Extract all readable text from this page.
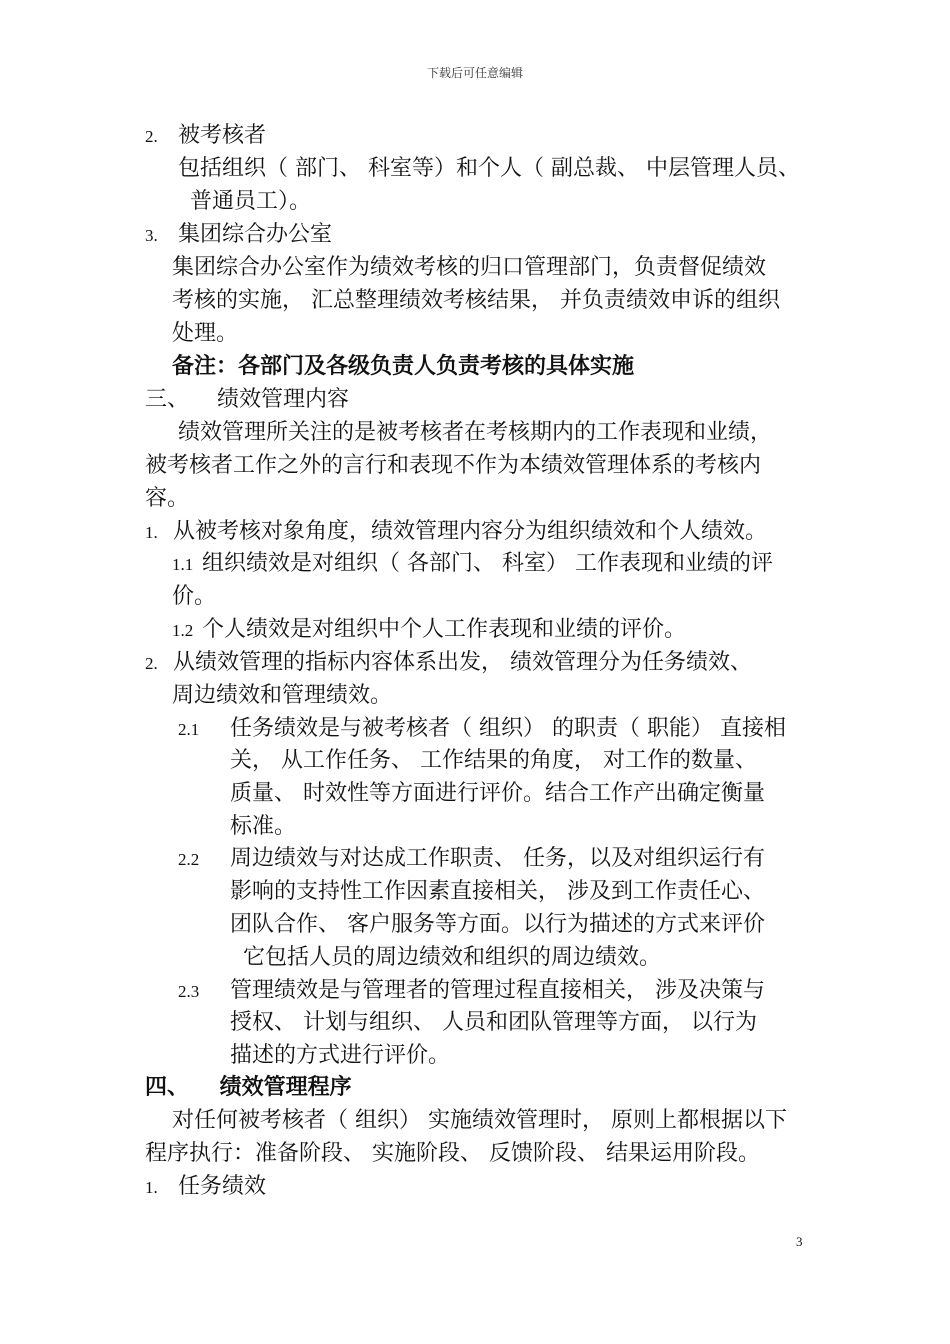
下载后可任意编辑
2. 被考核者
包括组织（ 部门、 科室等）和个人（ 副总裁、 中层管理人员、
普通员工）。
3. 集团综合办公室
集团综合办公室作为绩效考核的归口管理部门，负责督促绩效
考核的实施， 汇总整理绩效考核结果， 并负责绩效申诉的组织
处理。
备注：各部门及各级负责人负责考核的具体实施
三、    绩效管理内容
绩效管理所关注的是被考核者在考核期内的工作表现和业绩，
被考核者工作之外的言行和表现不作为本绩效管理体系的考核内
容。
1. 从被考核对象角度，绩效管理内容分为组织绩效和个人绩效。
1.1 组织绩效是对组织（ 各部门、 科室） 工作表现和业绩的评
价。
1.2 个人绩效是对组织中个人工作表现和业绩的评价。
2. 从绩效管理的指标内容体系出发， 绩效管理分为任务绩效、
周边绩效和管理绩效。
2.1 任务绩效是与被考核者（ 组织） 的职责（ 职能） 直接相
关， 从工作任务、 工作结果的角度， 对工作的数量、
质量、 时效性等方面进行评价。结合工作产出确定衡量
标准。
2.2 周边绩效与对达成工作职责、 任务，以及对组织运行有
影响的支持性工作因素直接相关， 涉及到工作责任心、
团队合作、 客户服务等方面。以行为描述的方式来评价
它包括人员的周边绩效和组织的周边绩效。
2.3 管理绩效是与管理者的管理过程直接相关， 涉及决策与
授权、 计划与组织、 人员和团队管理等方面， 以行为
描述的方式进行评价。
四、    绩效管理程序
对任何被考核者（ 组织） 实施绩效管理时， 原则上都根据以下
程序执行：准备阶段、 实施阶段、 反馈阶段、 结果运用阶段。
1. 任务绩效
3
